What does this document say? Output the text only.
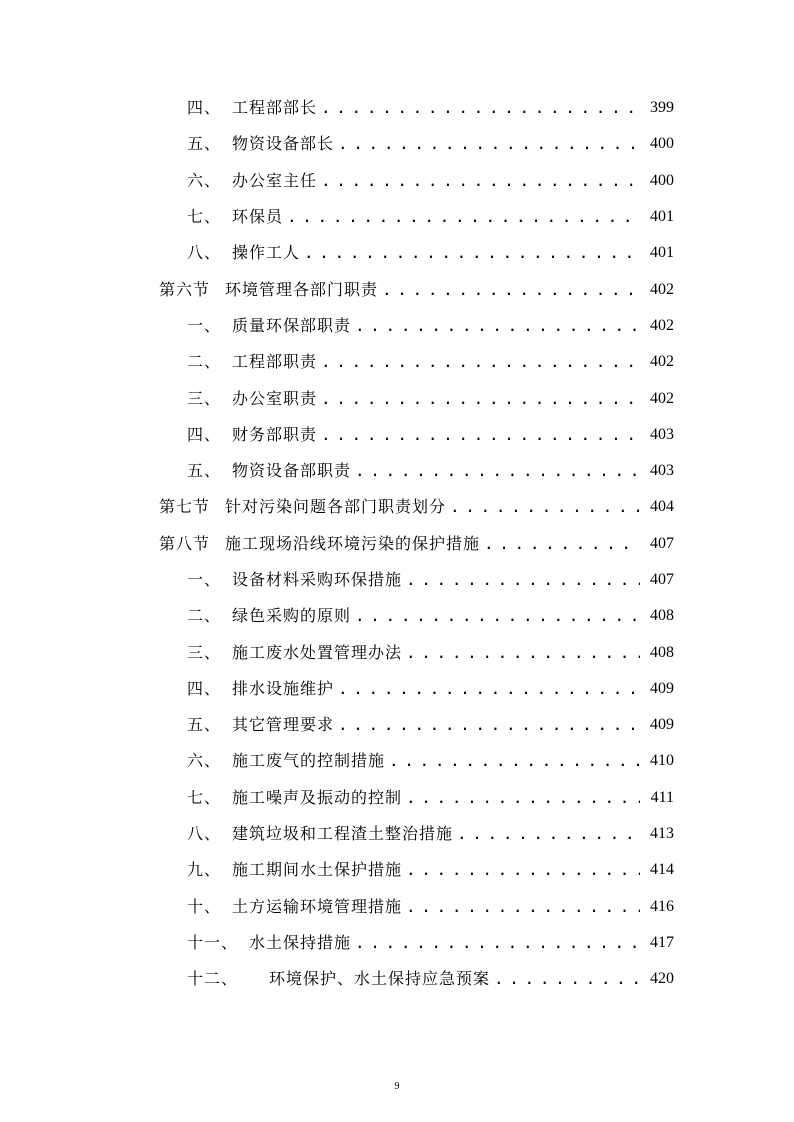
四、 工程部部长 . . .	399
五、 物资设备部长 . . .	400
六、 办公室主任 . . .	400
七、 环保员 . . .	401
八、 操作工人 . . .	401
第六节 环境管理各部门职责 . . .	402
一、 质量环保部职责 . . .	402
二、 工程部职责 . . .	402
三、 办公室职责 . . .	402
四、 财务部职责 . . .	403
五、 物资设备部职责 . . .	403
第七节 针对污染问题各部门职责划分 . . .	404
第八节 施工现场沿线环境污染的保护措施 . . .	407
一、 设备材料采购环保措施 . . .	407
二、 绿色采购的原则 . . .	408
三、 施工废水处置管理办法 . . .	408
四、 排水设施维护 . . .	409
五、 其它管理要求 . . .	409
六、 施工废气的控制措施 . . .	410
七、 施工噪声及振动的控制 . . .	411
八、 建筑垃圾和工程渣土整治措施 . . .	413
九、 施工期间水土保护措施 . . .	414
十、 土方运输环境管理措施 . . .	416
十一、 水土保持措施 . . .	417
十二、	环境保护、水土保持应急预案 . . .	420
9
